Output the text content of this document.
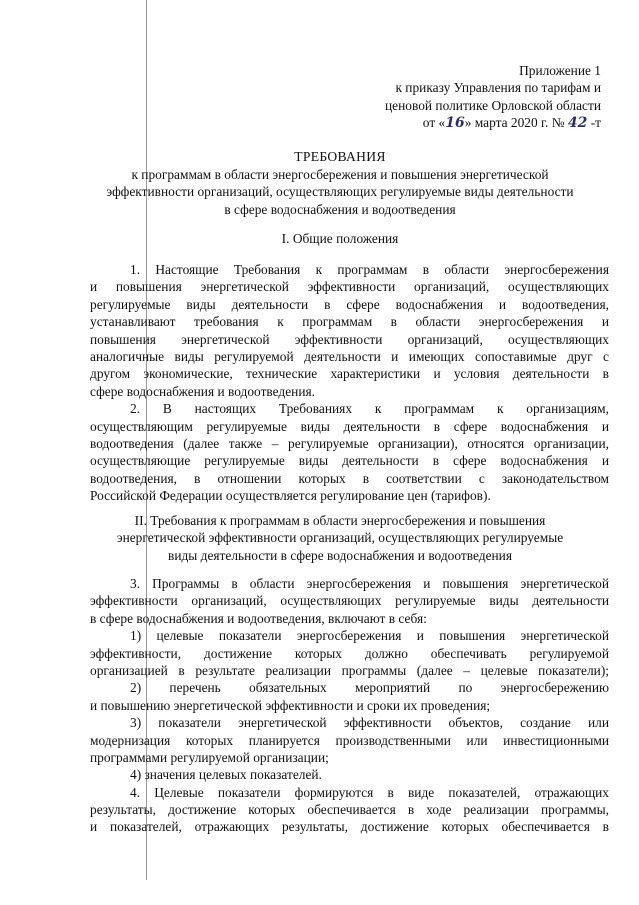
Приложение 1
к приказу Управления по тарифам и
ценовой политике Орловской области
от «16» марта 2020 г. № 42 -т
ТРЕБОВАНИЯ
к программам в области энергосбережения и повышения энергетической
эффективности организаций, осуществляющих регулируемые виды деятельности
в сфере водоснабжения и водоотведения
I. Общие положения
1. Настоящие Требования к программам в области энергосбережения
и повышения энергетической эффективности организаций, осуществляющих
регулируемые виды деятельности в сфере водоснабжения и водоотведения,
устанавливают требования к программам в области энергосбережения и
повышения энергетической эффективности организаций, осуществляющих
аналогичные виды регулируемой деятельности и имеющих сопоставимые друг с
другом экономические, технические характеристики и условия деятельности в
сфере водоснабжения и водоотведения.
2. В настоящих Требованиях к программам к организациям,
осуществляющим регулируемые виды деятельности в сфере водоснабжения и
водоотведения (далее также – регулируемые организации), относятся организации,
осуществляющие регулируемые виды деятельности в сфере водоснабжения и
водоотведения, в отношении которых в соответствии с законодательством
Российской Федерации осуществляется регулирование цен (тарифов).
II. Требования к программам в области энергосбережения и повышения
энергетической эффективности организаций, осуществляющих регулируемые
виды деятельности в сфере водоснабжения и водоотведения
3. Программы в области энергосбережения и повышения энергетической
эффективности организаций, осуществляющих регулируемые виды деятельности
в сфере водоснабжения и водоотведения, включают в себя:
1) целевые показатели энергосбережения и повышения энергетической
эффективности, достижение которых должно обеспечивать регулируемой
организацией в результате реализации программы (далее – целевые показатели);
2) перечень обязательных мероприятий по энергосбережению
и повышению энергетической эффективности и сроки их проведения;
3) показатели энергетической эффективности объектов, создание или
модернизация которых планируется производственными или инвестиционными
программами регулируемой организации;
4) значения целевых показателей.
4. Целевые показатели формируются в виде показателей, отражающих
результаты, достижение которых обеспечивается в ходе реализации программы,
и показателей, отражающих результаты, достижение которых обеспечивается в
